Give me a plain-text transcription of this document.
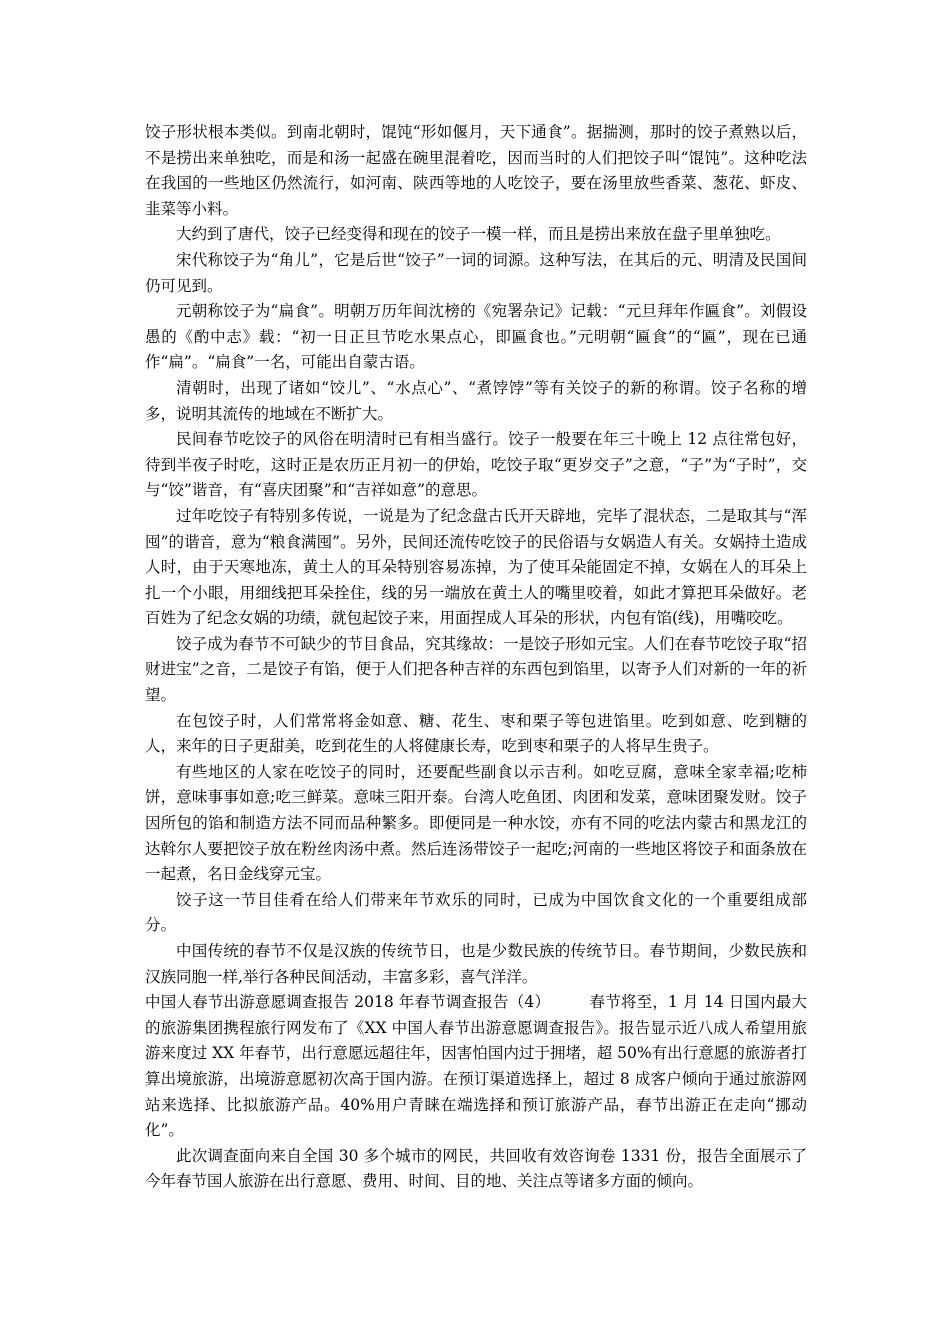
饺子形状根本类似。到南北朝时，馄饨“形如偃月，天下通食”。据揣测，那时的饺子煮熟以后，不是捞出来单独吃，而是和汤一起盛在碗里混着吃，因而当时的人们把饺子叫“馄饨”。这种吃法在我国的一些地区仍然流行，如河南、陕西等地的人吃饺子，要在汤里放些香菜、葱花、虾皮、韭菜等小料。

大约到了唐代，饺子已经变得和现在的饺子一模一样，而且是捞出来放在盘子里单独吃。

宋代称饺子为“角儿”，它是后世“饺子”一词的词源。这种写法，在其后的元、明清及民国间仍可见到。

元朝称饺子为“扁食”。明朝万历年间沈榜的《宛署杂记》记载：“元旦拜年作匾食”。刘假设愚的《酌中志》载：“初一日正旦节吃水果点心，即匾食也。”元明朝“匾食”的“匾”，现在已通作“扁”。“扁食”一名，可能出自蒙古语。

清朝时，出现了诸如“饺儿”、“水点心”、“煮饽饽”等有关饺子的新的称谓。饺子名称的增多，说明其流传的地域在不断扩大。

民间春节吃饺子的风俗在明清时已有相当盛行。饺子一般要在年三十晚上 12 点往常包好，待到半夜子时吃，这时正是农历正月初一的伊始，吃饺子取“更岁交子”之意，“子”为“子时”，交与“饺”谐音，有“喜庆团聚”和“吉祥如意”的意思。

过年吃饺子有特别多传说，一说是为了纪念盘古氏开天辟地，完毕了混状态，二是取其与“浑囤”的谐音，意为“粮食满囤”。另外，民间还流传吃饺子的民俗语与女娲造人有关。女娲持土造成人时，由于天寒地冻，黄土人的耳朵特别容易冻掉，为了使耳朵能固定不掉，女娲在人的耳朵上扎一个小眼，用细线把耳朵拴住，线的另一端放在黄土人的嘴里咬着，如此才算把耳朵做好。老百姓为了纪念女娲的功绩，就包起饺子来，用面捏成人耳朵的形状，内包有馅(线)，用嘴咬吃。

饺子成为春节不可缺少的节目食品，究其缘故：一是饺子形如元宝。人们在春节吃饺子取“招财进宝”之音，二是饺子有馅，便于人们把各种吉祥的东西包到馅里，以寄予人们对新的一年的祈望。

在包饺子时，人们常常将金如意、糖、花生、枣和栗子等包进馅里。吃到如意、吃到糖的人，来年的日子更甜美，吃到花生的人将健康长寿，吃到枣和栗子的人将早生贵子。

有些地区的人家在吃饺子的同时，还要配些副食以示吉利。如吃豆腐，意味全家幸福;吃柿饼，意味事事如意;吃三鲜菜。意味三阳开泰。台湾人吃鱼团、肉团和发菜，意味团聚发财。饺子因所包的馅和制造方法不同而品种繁多。即便同是一种水饺，亦有不同的吃法内蒙古和黑龙江的达斡尔人要把饺子放在粉丝肉汤中煮。然后连汤带饺子一起吃;河南的一些地区将饺子和面条放在一起煮，名日金线穿元宝。

饺子这一节目佳肴在给人们带来年节欢乐的同时，已成为中国饮食文化的一个重要组成部分。

中国传统的春节不仅是汉族的传统节日，也是少数民族的传统节日。春节期间，少数民族和汉族同胞一样,举行各种民间活动，丰富多彩，喜气洋洋。

中国人春节出游意愿调查报告 2018 年春节调查报告（4）　　　春节将至，1 月 14 日国内最大的旅游集团携程旅行网发布了《XX 中国人春节出游意愿调查报告》。报告显示近八成人希望用旅游来度过 XX 年春节，出行意愿远超往年，因害怕国内过于拥堵，超 50%有出行意愿的旅游者打算出境旅游，出境游意愿初次高于国内游。在预订渠道选择上，超过 8 成客户倾向于通过旅游网站来选择、比拟旅游产品。40%用户青睐在端选择和预订旅游产品，春节出游正在走向“挪动化”。

此次调查面向来自全国 30 多个城市的网民，共回收有效咨询卷 1331 份，报告全面展示了今年春节国人旅游在出行意愿、费用、时间、目的地、关注点等诸多方面的倾向。
